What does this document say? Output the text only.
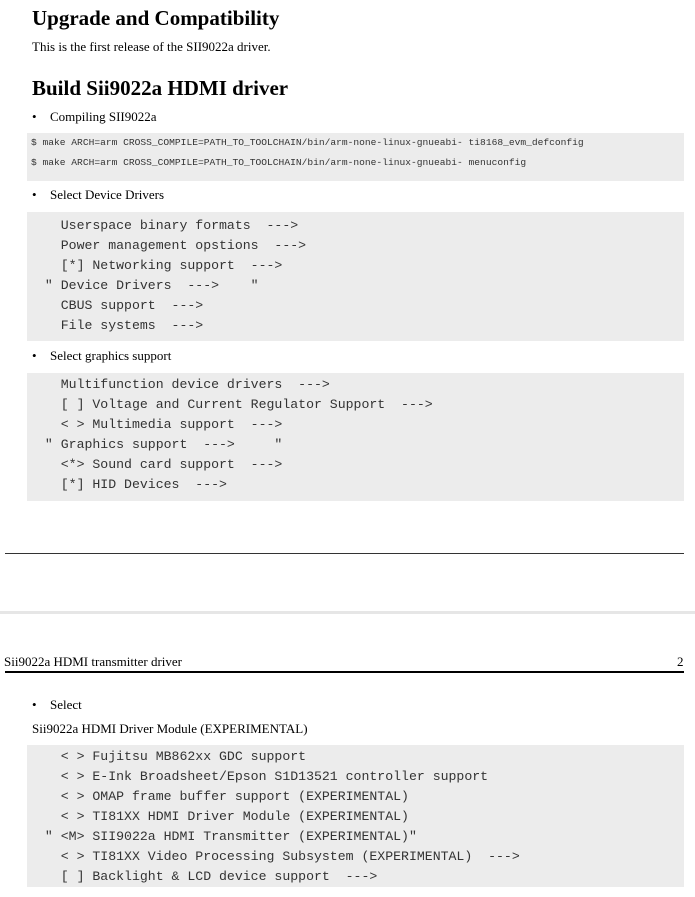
Upgrade and Compatibility
This is the first release of the SII9022a driver.
Build Sii9022a HDMI driver
• Compiling SII9022a
$ make ARCH=arm CROSS_COMPILE=PATH_TO_TOOLCHAIN/bin/arm-none-linux-gnueabi- ti8168_evm_defconfig
$ make ARCH=arm CROSS_COMPILE=PATH_TO_TOOLCHAIN/bin/arm-none-linux-gnueabi- menuconfig
• Select Device Drivers
Userspace binary formats  --->
Power management opstions  --->
[*] Networking support  --->
" Device Drivers  --->    "
CBUS support  --->
File systems  --->
• Select graphics support
Multifunction device drivers  --->
[ ] Voltage and Current Regulator Support  --->
< > Multimedia support  --->
" Graphics support  --->     "
<*> Sound card support  --->
[*] HID Devices  --->
Sii9022a HDMI transmitter driver	2
• Select
Sii9022a HDMI Driver Module (EXPERIMENTAL)
< > Fujitsu MB862xx GDC support
< > E-Ink Broadsheet/Epson S1D13521 controller support
< > OMAP frame buffer support (EXPERIMENTAL)
< > TI81XX HDMI Driver Module (EXPERIMENTAL)
" <M> SII9022a HDMI Transmitter (EXPERIMENTAL)"
< > TI81XX Video Processing Subsystem (EXPERIMENTAL)  --->
[ ] Backlight & LCD device support  --->
